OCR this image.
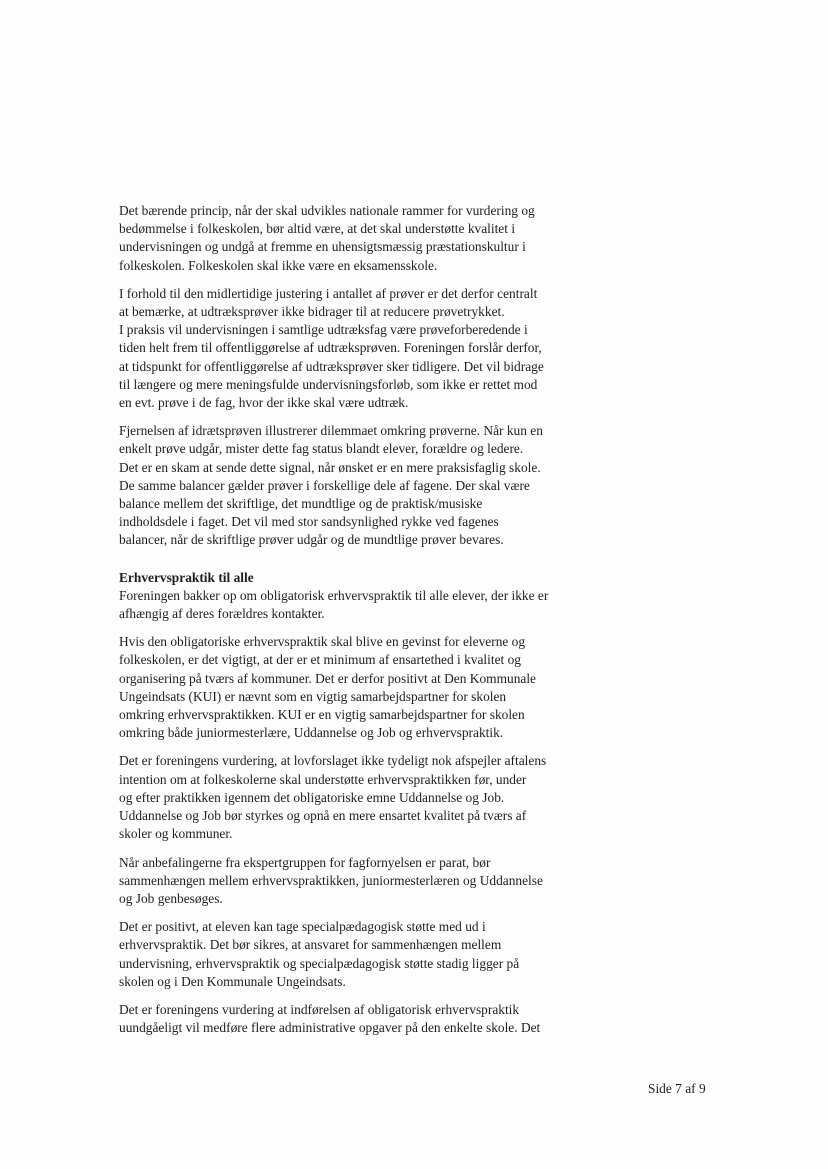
Det bærende princip, når der skal udvikles nationale rammer for vurdering og
bedømmelse i folkeskolen, bør altid være, at det skal understøtte kvalitet i
undervisningen og undgå at fremme en uhensigtsmæssig præstationskultur i
folkeskolen. Folkeskolen skal ikke være en eksamensskole.
I forhold til den midlertidige justering i antallet af prøver er det derfor centralt
at bemærke, at udtræksprøver ikke bidrager til at reducere prøvetrykket.
I praksis vil undervisningen i samtlige udtræksfag være prøveforberedende i
tiden helt frem til offentliggørelse af udtræksprøven. Foreningen forslår derfor,
at tidspunkt for offentliggørelse af udtræksprøver sker tidligere. Det vil bidrage
til længere og mere meningsfulde undervisningsforløb, som ikke er rettet mod
en evt. prøve i de fag, hvor der ikke skal være udtræk.
Fjernelsen af idrætsprøven illustrerer dilemmaet omkring prøverne. Når kun en
enkelt prøve udgår, mister dette fag status blandt elever, forældre og ledere.
Det er en skam at sende dette signal, når ønsket er en mere praksisfaglig skole.
De samme balancer gælder prøver i forskellige dele af fagene. Der skal være
balance mellem det skriftlige, det mundtlige og de praktisk/musiske
indholdsdele i faget. Det vil med stor sandsynlighed rykke ved fagenes
balancer, når de skriftlige prøver udgår og de mundtlige prøver bevares.
Erhvervspraktik til alle
Foreningen bakker op om obligatorisk erhvervspraktik til alle elever, der ikke er
afhængig af deres forældres kontakter.
Hvis den obligatoriske erhvervspraktik skal blive en gevinst for eleverne og
folkeskolen, er det vigtigt, at der er et minimum af ensartethed i kvalitet og
organisering på tværs af kommuner. Det er derfor positivt at Den Kommunale
Ungeindsats (KUI) er nævnt som en vigtig samarbejdspartner for skolen
omkring erhvervspraktikken. KUI er en vigtig samarbejdspartner for skolen
omkring både juniormesterlære, Uddannelse og Job og erhvervspraktik.
Det er foreningens vurdering, at lovforslaget ikke tydeligt nok afspejler aftalens
intention om at folkeskolerne skal understøtte erhvervspraktikken før, under
og efter praktikken igennem det obligatoriske emne Uddannelse og Job.
Uddannelse og Job bør styrkes og opnå en mere ensartet kvalitet på tværs af
skoler og kommuner.
Når anbefalingerne fra ekspertgruppen for fagfornyelsen er parat, bør
sammenhængen mellem erhvervspraktikken, juniormesterlæren og Uddannelse
og Job genbesøges.
Det er positivt, at eleven kan tage specialpædagogisk støtte med ud i
erhvervspraktik. Det bør sikres, at ansvaret for sammenhængen mellem
undervisning, erhvervspraktik og specialpædagogisk støtte stadig ligger på
skolen og i Den Kommunale Ungeindsats.
Det er foreningens vurdering at indførelsen af obligatorisk erhvervspraktik
uundgåeligt vil medføre flere administrative opgaver på den enkelte skole. Det
Side 7 af 9
